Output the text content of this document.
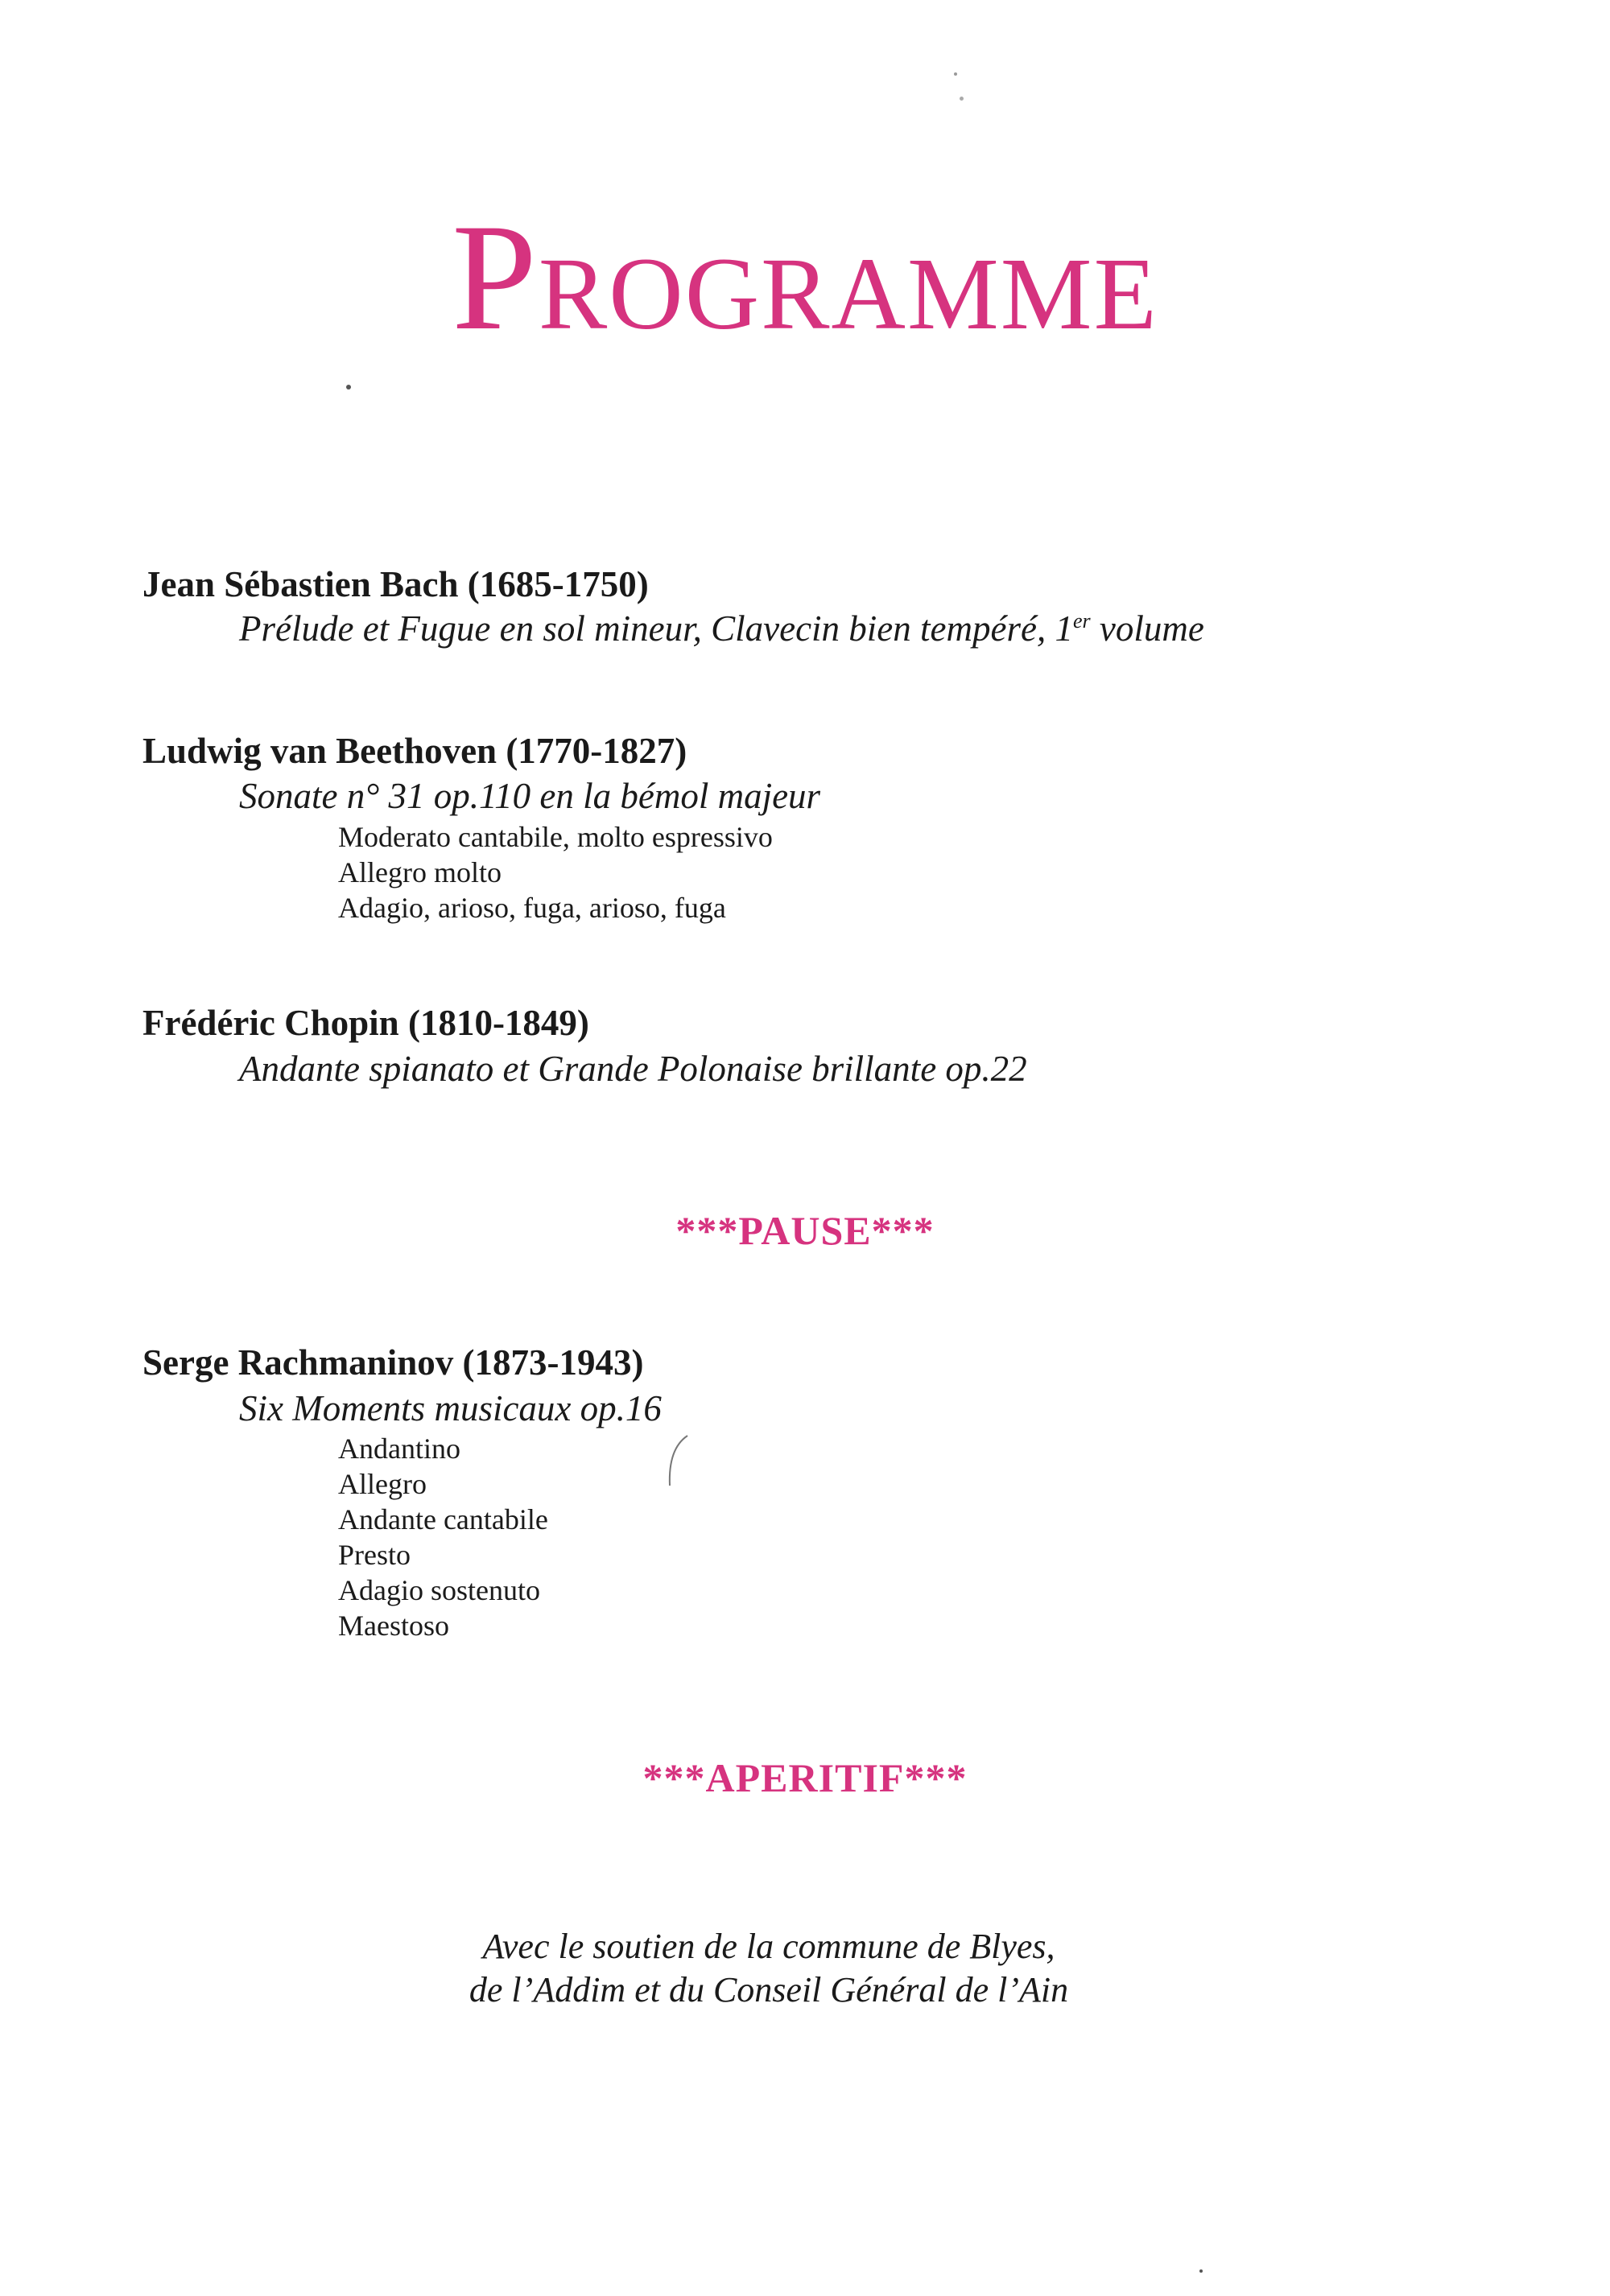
PROGRAMME
Jean Sébastien Bach (1685-1750)
Prélude et Fugue en sol mineur, Clavecin bien tempéré, 1er volume
Ludwig van Beethoven (1770-1827)
Sonate n° 31 op.110 en la bémol majeur
Moderato cantabile, molto espressivo
Allegro molto
Adagio, arioso, fuga, arioso, fuga
Frédéric Chopin (1810-1849)
Andante spianato et Grande Polonaise brillante op.22
***PAUSE***
Serge Rachmaninov (1873-1943)
Six Moments musicaux op.16
Andantino
Allegro
Andante cantabile
Presto
Adagio sostenuto
Maestoso
***APERITIF***
Avec le soutien de la commune de Blyes,
de l’Addim et du Conseil Général de l’Ain
